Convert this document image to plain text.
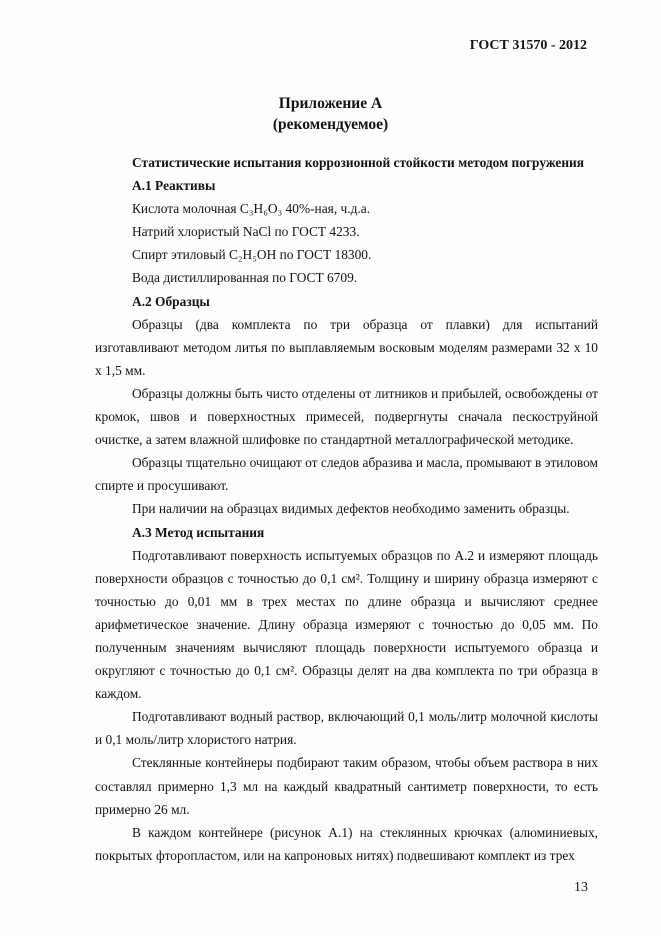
ГОСТ 31570 - 2012
Приложение А
(рекомендуемое)

Статистические испытания коррозионной стойкости методом погружения

А.1 Реактивы

Кислота молочная С₃Н₆О₃ 40%-ная, ч.д.а.

Натрий хлористый NaCl по ГОСТ 4233.

Спирт этиловый С₂Н₅ОН по ГОСТ 18300.

Вода дистиллированная по ГОСТ 6709.

А.2 Образцы

Образцы (два комплекта по три образца от плавки) для испытаний изготавливают методом литья по выплавляемым восковым моделям размерами 32 х 10 х 1,5 мм.

Образцы должны быть чисто отделены от литников и прибылей, освобождены от кромок, швов и поверхностных примесей, подвергнуты сначала пескоструйной очистке, а затем влажной шлифовке по стандартной металлографической методике.

Образцы тщательно очищают от следов абразива и масла, промывают в этиловом спирте и просушивают.

При наличии на образцах видимых дефектов необходимо заменить образцы.

А.3 Метод испытания

Подготавливают поверхность испытуемых образцов по А.2 и измеряют площадь поверхности образцов с точностью до 0,1 см². Толщину и ширину образца измеряют с точностью до 0,01 мм в трех местах по длине образца и вычисляют среднее арифметическое значение. Длину образца измеряют с точностью до 0,05 мм. По полученным значениям вычисляют площадь поверхности испытуемого образца и округляют с точностью до 0,1 см². Образцы делят на два комплекта по три образца в каждом.

Подготавливают водный раствор, включающий 0,1 моль/литр молочной кислоты и 0,1 моль/литр хлористого натрия.

Стеклянные контейнеры подбирают таким образом, чтобы объем раствора в них составлял примерно 1,3 мл на каждый квадратный сантиметр поверхности, то есть примерно 26 мл.

В каждом контейнере (рисунок А.1) на стеклянных крючках (алюминиевых, покрытых фторопластом, или на капроновых нитях) подвешивают комплект из трех

13
